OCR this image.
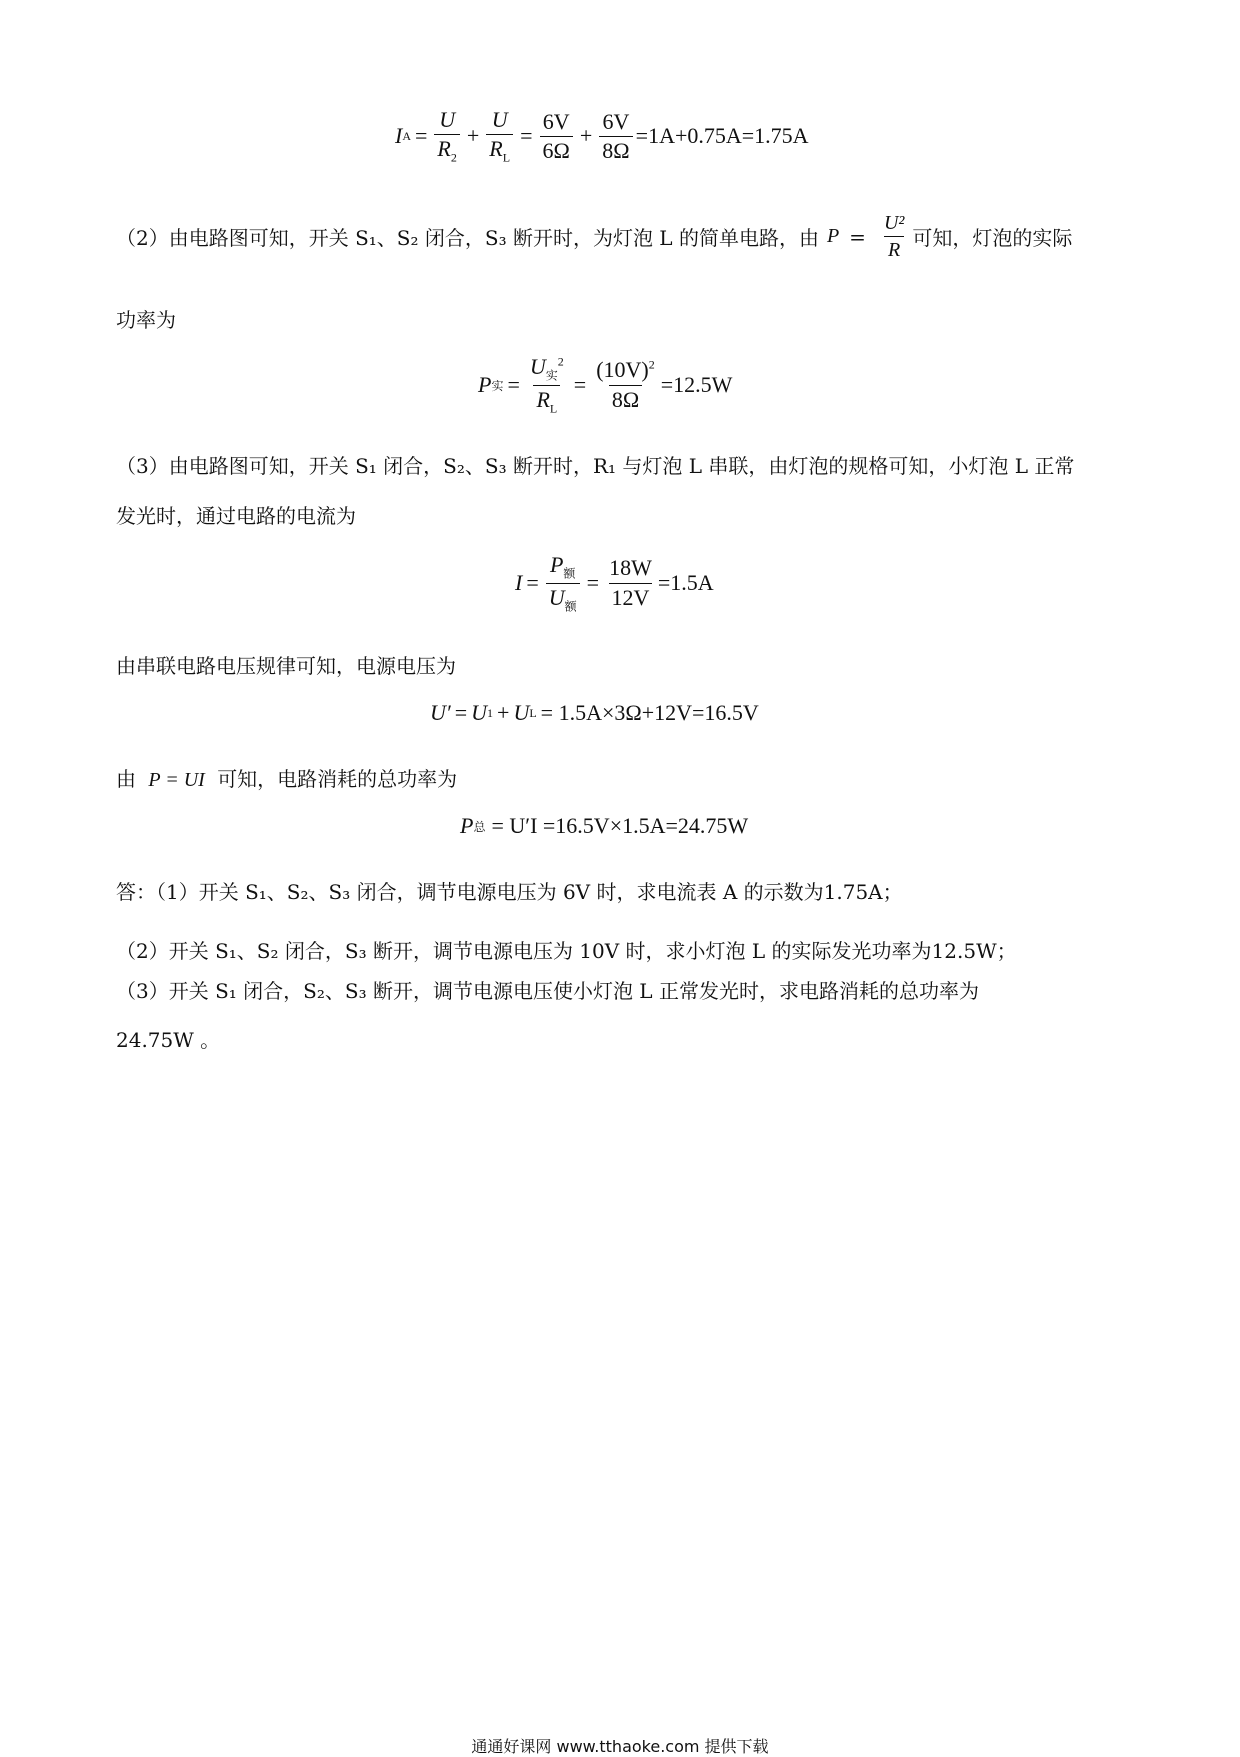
I $A = \frac{U}{R_2} + \frac{U}{R_L} = \frac{6V}{6\Omega} + \frac{6V}{8\Omega} =1A+0.75A=1.75A$
（2）由电路图可知，开关 S₁、S₂ 闭合，S₃ 断开时，为灯泡 L 的简单电路，由 $P = \frac{\text{U²}}{R}$ 可知，灯泡的实际
功率为
P 实 = $\frac{U_实^2}{R_L} = \frac{(10V)^2}{8\Omega} =12.5W$
（3）由电路图可知，开关 S₁ 闭合，S₂、S₃ 断开时，R₁ 与灯泡 L 串联，由灯泡的规格可知，小灯泡 L 正常
发光时，通过电路的电流为
$I = \frac{P_额}{U_额} = \frac{18W}{12V} =1.5A$
由串联电路电压规律可知，电源电压为
U′ = U 1 + U L = 1.5A×3Ω+12V=16.5V
由 P = UI 可知，电路消耗的总功率为
P 总 = U′I =16.5V×1.5A=24.75W
答：（1）开关 S₁、S₂、S₃ 闭合，调节电源电压为 6V 时，求电流表 A 的示数为1.75A；
（2）开关 S₁、S₂ 闭合，S₃ 断开，调节电源电压为 10V 时，求小灯泡 L 的实际发光功率为12.5W；
（3）开关 S₁ 闭合，S₂、S₃ 断开，调节电源电压使小灯泡 L 正常发光时，求电路消耗的总功率为
24.75W 。
通通好课网 www.tthaoke.com 提供下载
